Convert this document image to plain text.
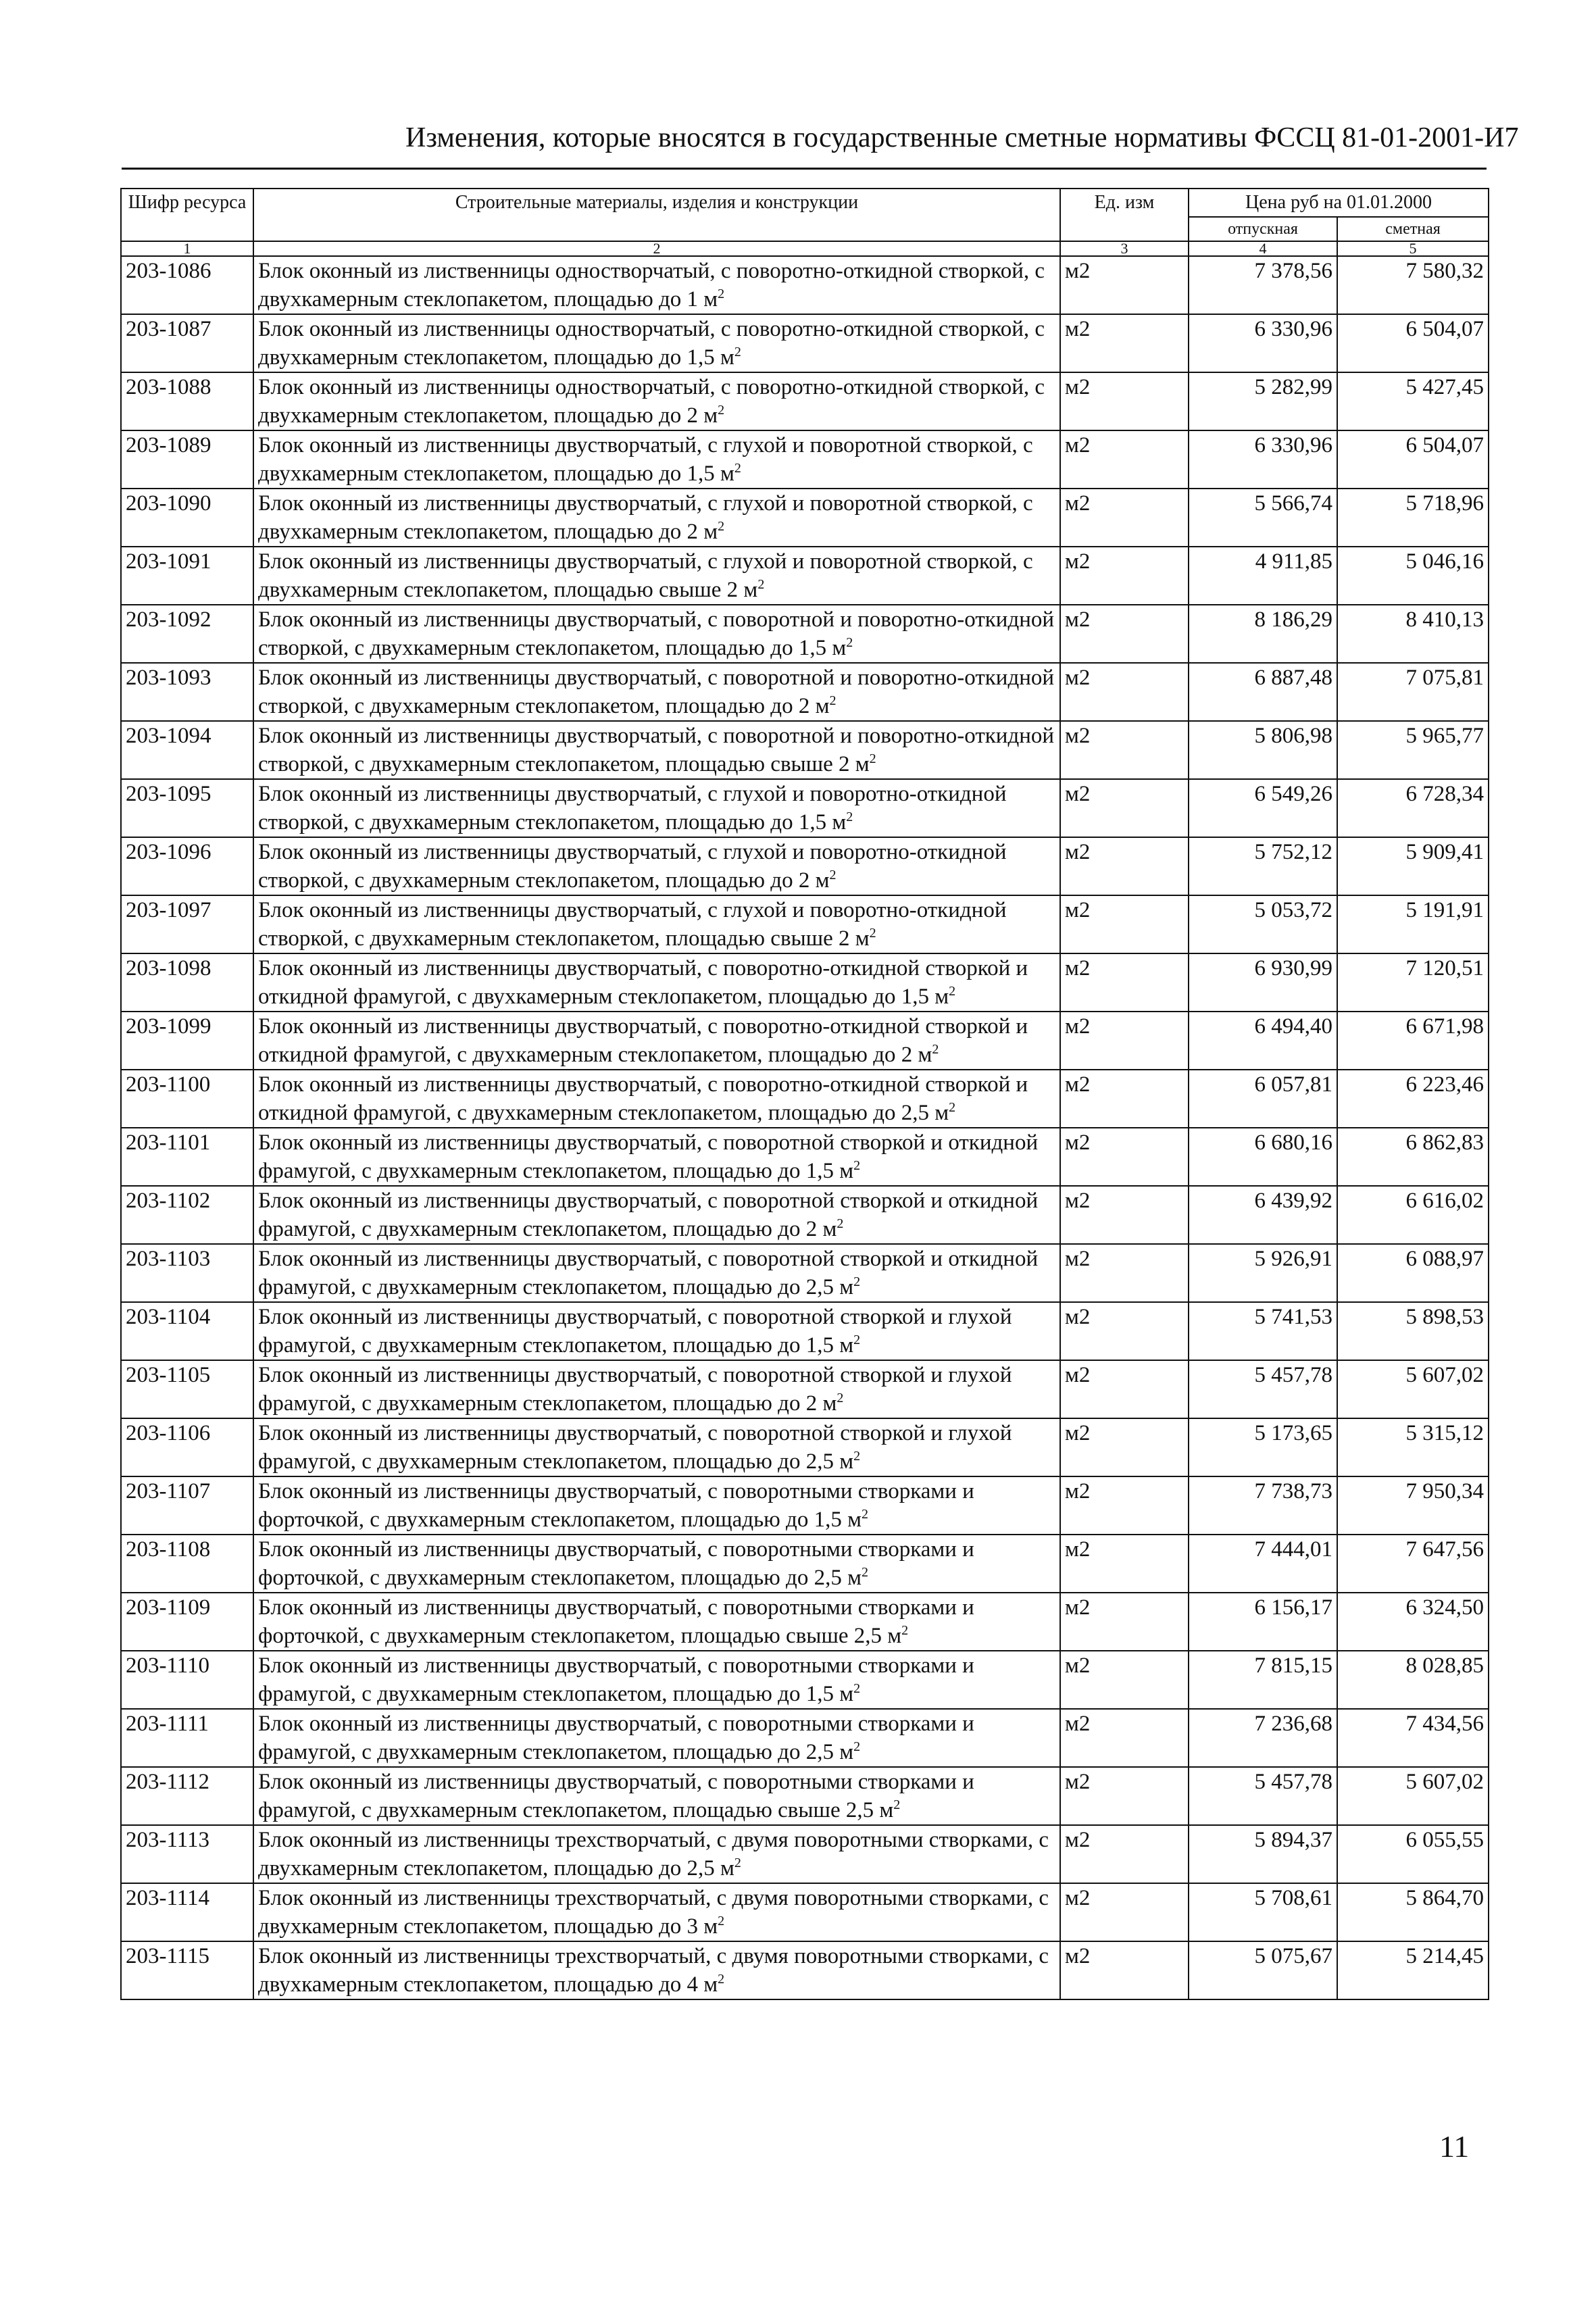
Изменения, которые вносятся в государственные сметные нормативы ФССЦ 81-01-2001-И7
Шифр ресурса	Строительные материалы, изделия и конструкции	Ед. изм	Цена руб на 01.01.2000	
			отпускная	сметная
1	2	3	4	5
203-1086	Блок оконный из лиственницы одностворчатый, с поворотно-откидной створкой, с двухкамерным стеклопакетом, площадью до 1 $м^2$	м2	7 378,56	7 580,32
203-1087	Блок оконный из лиственницы одностворчатый, с поворотно-откидной створкой, с двухкамерным стеклопакетом, площадью до 1,5 $м^2$	м2	6 330,96	6 504,07
203-1088	Блок оконный из лиственницы одностворчатый, с поворотно-откидной створкой, с двухкамерным стеклопакетом, площадью до 2 $м^2$	м2	5 282,99	5 427,45
203-1089	Блок оконный из лиственницы двустворчатый, с глухой и поворотной створкой, с двухкамерным стеклопакетом, площадью до 1,5 $м^2$	м2	6 330,96	6 504,07
203-1090	Блок оконный из лиственницы двустворчатый, с глухой и поворотной створкой, с двухкамерным стеклопакетом, площадью до 2 $м^2$	м2	5 566,74	5 718,96
203-1091	Блок оконный из лиственницы двустворчатый, с глухой и поворотной створкой, с двухкамерным стеклопакетом, площадью свыше 2 $м^2$	м2	4 911,85	5 046,16
203-1092	Блок оконный из лиственницы двустворчатый, с поворотной и поворотно-откидной створкой, с двухкамерным стеклопакетом, площадью до 1,5 $м^2$	м2	8 186,29	8 410,13
203-1093	Блок оконный из лиственницы двустворчатый, с поворотной и поворотно-откидной створкой, с двухкамерным стеклопакетом, площадью до 2 $м^2$	м2	6 887,48	7 075,81
203-1094	Блок оконный из лиственницы двустворчатый, с поворотной и поворотно-откидной створкой, с двухкамерным стеклопакетом, площадью свыше 2 $м^2$	м2	5 806,98	5 965,77
203-1095	Блок оконный из лиственницы двустворчатый, с глухой и поворотно-откидной створкой, с двухкамерным стеклопакетом, площадью до 1,5 $м^2$	м2	6 549,26	6 728,34
203-1096	Блок оконный из лиственницы двустворчатый, с глухой и поворотно-откидной створкой, с двухкамерным стеклопакетом, площадью до 2 $м^2$	м2	5 752,12	5 909,41
203-1097	Блок оконный из лиственницы двустворчатый, с глухой и поворотно-откидной створкой, с двухкамерным стеклопакетом, площадью свыше 2 $м^2$	м2	5 053,72	5 191,91
203-1098	Блок оконный из лиственницы двустворчатый, с поворотно-откидной створкой и откидной фрамугой, с двухкамерным стеклопакетом, площадью до 1,5 $м^2$	м2	6 930,99	7 120,51
203-1099	Блок оконный из лиственницы двустворчатый, с поворотно-откидной створкой и откидной фрамугой, с двухкамерным стеклопакетом, площадью до 2 $м^2$	м2	6 494,40	6 671,98
203-1100	Блок оконный из лиственницы двустворчатый, с поворотно-откидной створкой и откидной фрамугой, с двухкамерным стеклопакетом, площадью до 2,5 $м^2$	м2	6 057,81	6 223,46
203-1101	Блок оконный из лиственницы двустворчатый, с поворотной створкой и откидной фрамугой, с двухкамерным стеклопакетом, площадью до 1,5 $м^2$	м2	6 680,16	6 862,83
203-1102	Блок оконный из лиственницы двустворчатый, с поворотной створкой и откидной фрамугой, с двухкамерным стеклопакетом, площадью до 2 $м^2$	м2	6 439,92	6 616,02
203-1103	Блок оконный из лиственницы двустворчатый, с поворотной створкой и откидной фрамугой, с двухкамерным стеклопакетом, площадью до 2,5 $м^2$	м2	5 926,91	6 088,97
203-1104	Блок оконный из лиственницы двустворчатый, с поворотной створкой и глухой фрамугой, с двухкамерным стеклопакетом, площадью до 1,5 $м^2$	м2	5 741,53	5 898,53
203-1105	Блок оконный из лиственницы двустворчатый, с поворотной створкой и глухой фрамугой, с двухкамерным стеклопакетом, площадью до 2 $м^2$	м2	5 457,78	5 607,02
203-1106	Блок оконный из лиственницы двустворчатый, с поворотной створкой и глухой фрамугой, с двухкамерным стеклопакетом, площадью до 2,5 $м^2$	м2	5 173,65	5 315,12
203-1107	Блок оконный из лиственницы двустворчатый, с поворотными створками и форточкой, с двухкамерным стеклопакетом, площадью до 1,5 $м^2$	м2	7 738,73	7 950,34
203-1108	Блок оконный из лиственницы двустворчатый, с поворотными створками и форточкой, с двухкамерным стеклопакетом, площадью до 2,5 $м^2$	м2	7 444,01	7 647,56
203-1109	Блок оконный из лиственницы двустворчатый, с поворотными створками и форточкой, с двухкамерным стеклопакетом, площадью свыше 2,5 $м^2$	м2	6 156,17	6 324,50
203-1110	Блок оконный из лиственницы двустворчатый, с поворотными створками и фрамугой, с двухкамерным стеклопакетом, площадью до 1,5 $м^2$	м2	7 815,15	8 028,85
203-1111	Блок оконный из лиственницы двустворчатый, с поворотными створками и фрамугой, с двухкамерным стеклопакетом, площадью до 2,5 $м^2$	м2	7 236,68	7 434,56
203-1112	Блок оконный из лиственницы двустворчатый, с поворотными створками и фрамугой, с двухкамерным стеклопакетом, площадью свыше 2,5 $м^2$	м2	5 457,78	5 607,02
203-1113	Блок оконный из лиственницы трехстворчатый, с двумя поворотными створками, с двухкамерным стеклопакетом, площадью до 2,5 $м^2$	м2	5 894,37	6 055,55
203-1114	Блок оконный из лиственницы трехстворчатый, с двумя поворотными створками, с двухкамерным стеклопакетом, площадью до 3 $м^2$	м2	5 708,61	5 864,70
203-1115	Блок оконный из лиственницы трехстворчатый, с двумя поворотными створками, с двухкамерным стеклопакетом, площадью до 4 $м^2$	м2	5 075,67	5 214,45
11
